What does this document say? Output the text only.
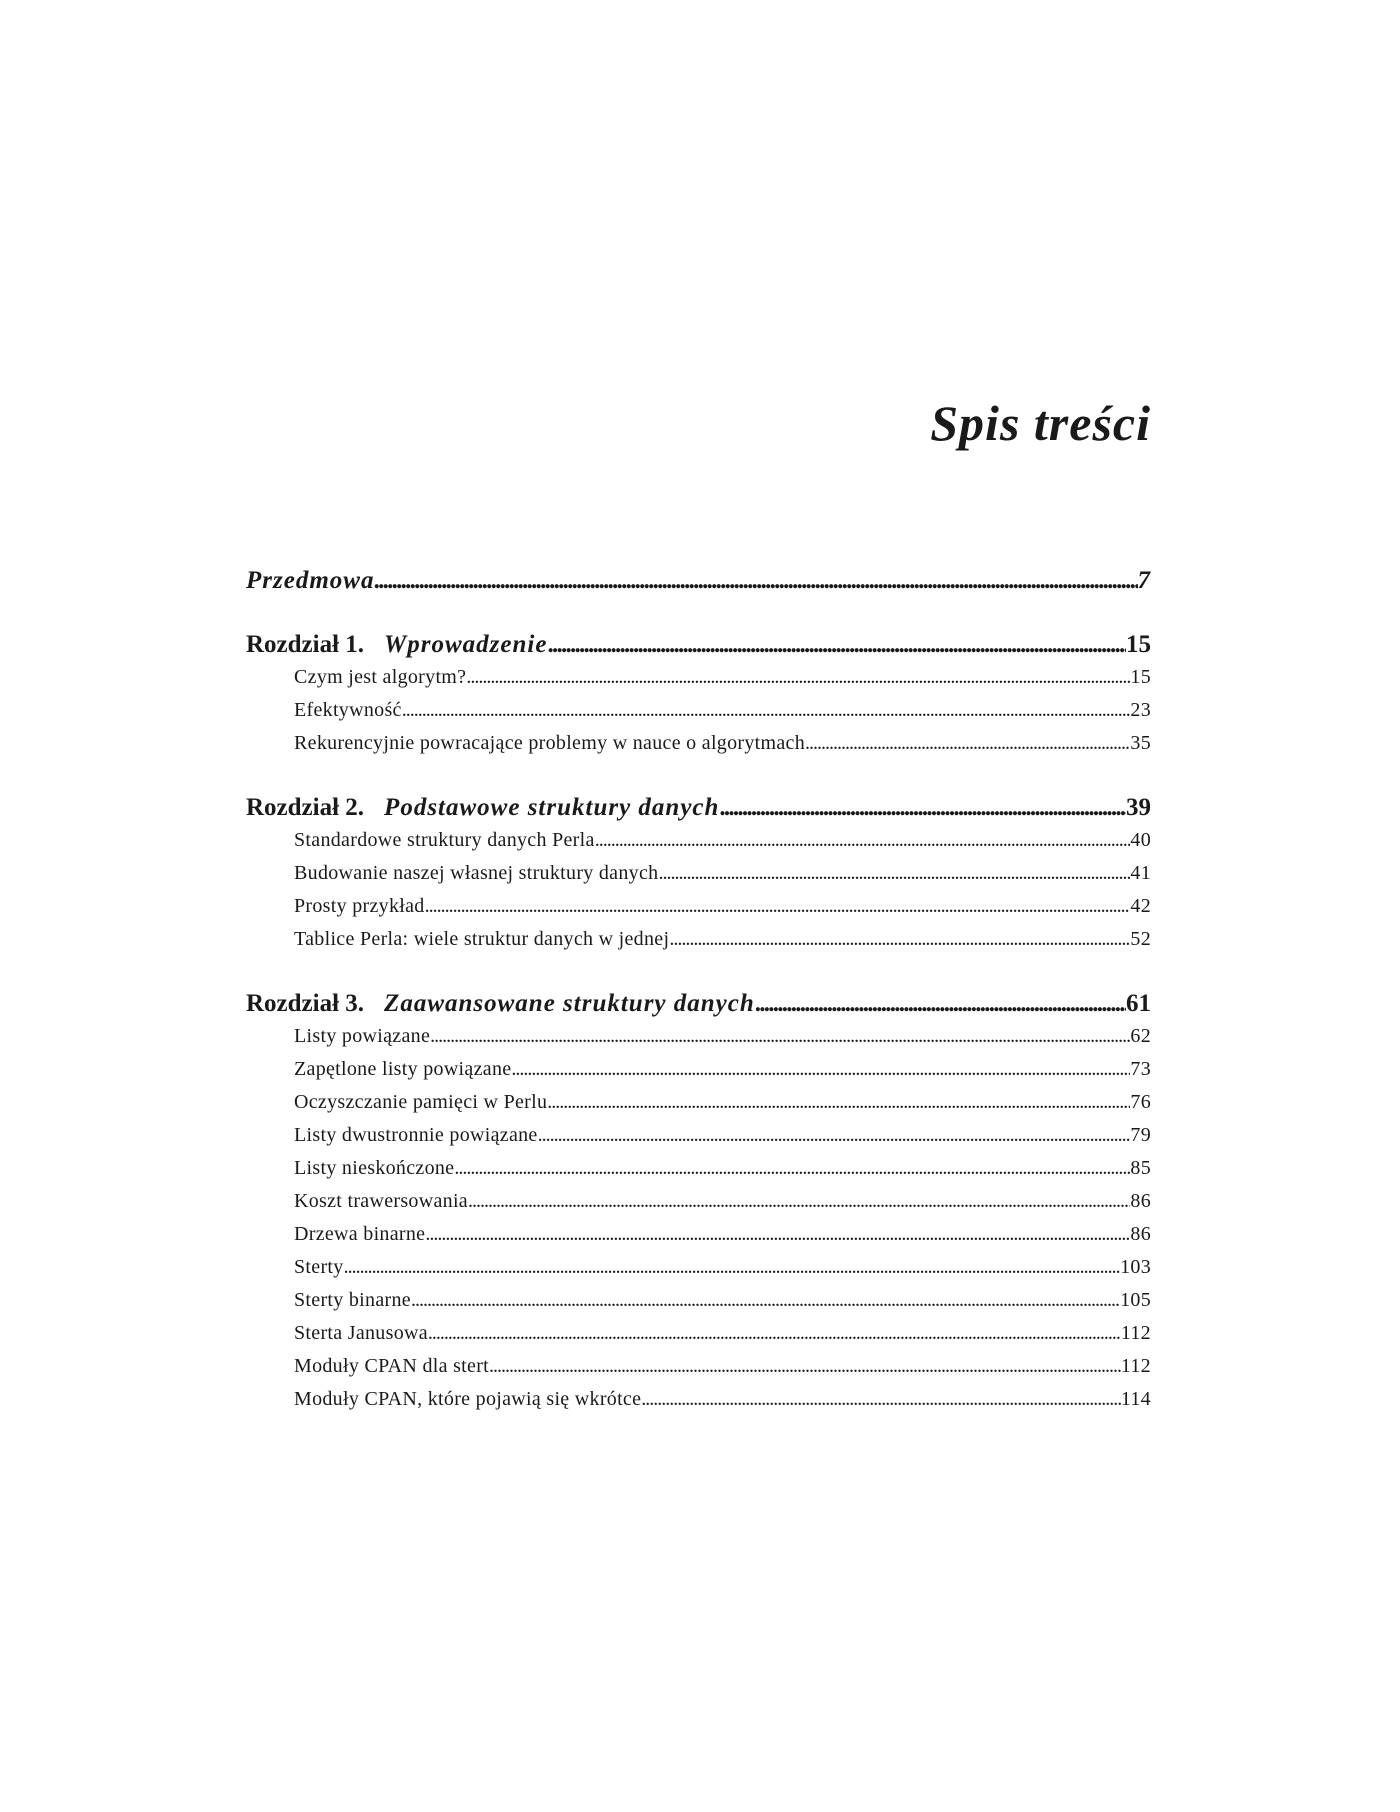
Spis treści
Przedmowa . . .	7
Rozdział 1. Wprowadzenie . . .	15
Czym jest algorytm? . . .	15
Efektywność . . .	23
Rekurencyjnie powracające problemy w nauce o algorytmach . . .	35
Rozdział 2. Podstawowe struktury danych . . .	39
Standardowe struktury danych Perla . . .	40
Budowanie naszej własnej struktury danych . . .	41
Prosty przykład . . .	42
Tablice Perla: wiele struktur danych w jednej . . .	52
Rozdział 3. Zaawansowane struktury danych . . .	61
Listy powiązane . . .	62
Zapętlone listy powiązane . . .	73
Oczyszczanie pamięci w Perlu . . .	76
Listy dwustronnie powiązane . . .	79
Listy nieskończone . . .	85
Koszt trawersowania . . .	86
Drzewa binarne . . .	86
Sterty . . .	103
Sterty binarne . . .	105
Sterta Janusowa . . .	112
Moduły CPAN dla stert . . .	112
Moduły CPAN, które pojawią się wkrótce . . .	114
